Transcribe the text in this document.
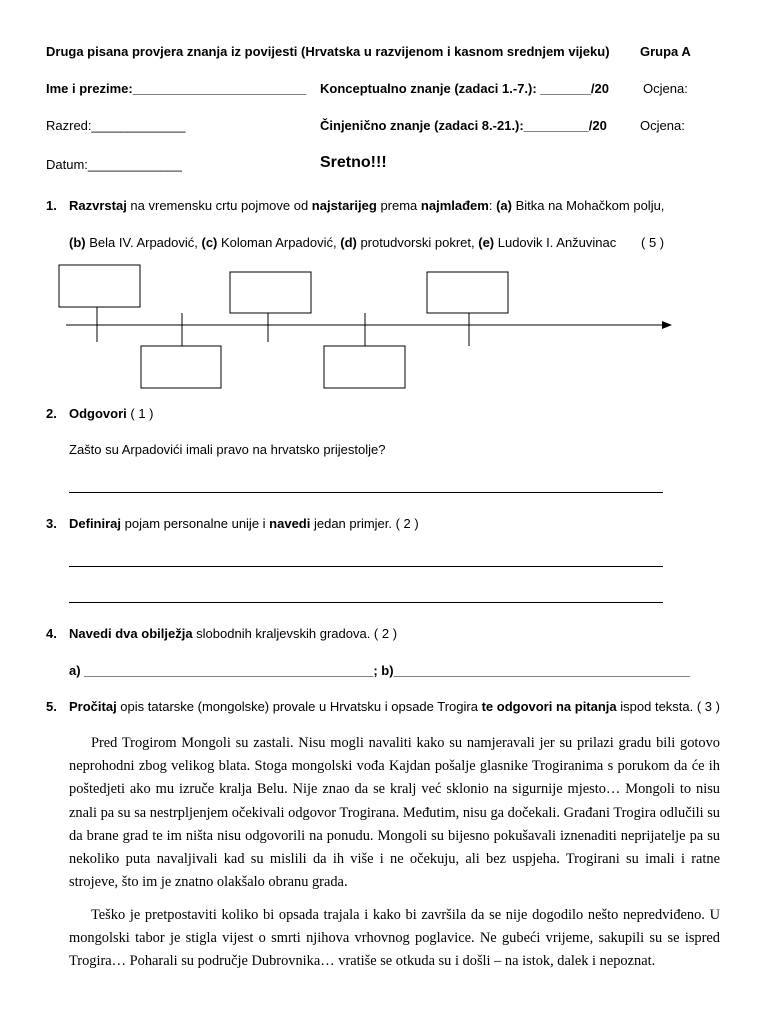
Druga pisana provjera znanja iz povijesti (Hrvatska u razvijenom i kasnom srednjem vijeku) Grupa A
Ime i prezime:________________________ Konceptualno znanje (zadaci 1.-7.): _______/20	Ocjena:
Razred:_____________	Činjenično znanje (zadaci 8.-21.):_________/20	Ocjena:
Datum:_____________	Sretno!!!
1. Razvrstaj na vremensku crtu pojmove od najstarijeg prema najmlađem: (a) Bitka na Mohačkom polju,
(b) Bela IV. Arpadović, (c) Koloman Arpadović, (d) protudvorski pokret, (e) Ludovik I. Anžuvinac ( 5 )
2. Odgovori ( 1 )
Zašto su Arpadovići imali pravo na hrvatsko prijestolje?
3. Definiraj pojam personalne unije i navedi jedan primjer. ( 2 )
4. Navedi dva obilježja slobodnih kraljevskih gradova. ( 2 )
a) ________________________________________; b)_________________________________________
5. Pročitaj opis tatarske (mongolske) provale u Hrvatsku i opsade Trogira te odgovori na pitanja ispod teksta. ( 3 )

Pred Trogirom Mongoli su zastali. Nisu mogli navaliti kako su namjeravali jer su prilazi gradu bili gotovo neprohodni zbog velikog blata. Stoga mongolski vođa Kajdan pošalje glasnike Trogiranima s porukom da će ih poštedjeti ako mu izruče kralja Belu. Nije znao da se kralj već sklonio na sigurnije mjesto… Mongoli to nisu znali pa su sa nestrpljenjem očekivali odgovor Trogirana. Međutim, nisu ga dočekali. Građani Trogira odlučili su da brane grad te im ništa nisu odgovorili na ponudu. Mongoli su bijesno pokušavali iznenaditi neprijatelje pa su nekoliko puta navaljivali kad su mislili da ih više i ne očekuju, ali bez uspjeha. Trogirani su imali i ratne strojeve, što im je znatno olakšalo obranu grada.

Teško je pretpostaviti koliko bi opsada trajala i kako bi završila da se nije dogodilo nešto nepredviđeno. U mongolski tabor je stigla vijest o smrti njihova vrhovnog poglavice. Ne gubeći vrijeme, sakupili su se ispred Trogira… Poharali su područje Dubrovnika… vratiše se otkuda su i došli – na istok, dalek i nepoznat.
